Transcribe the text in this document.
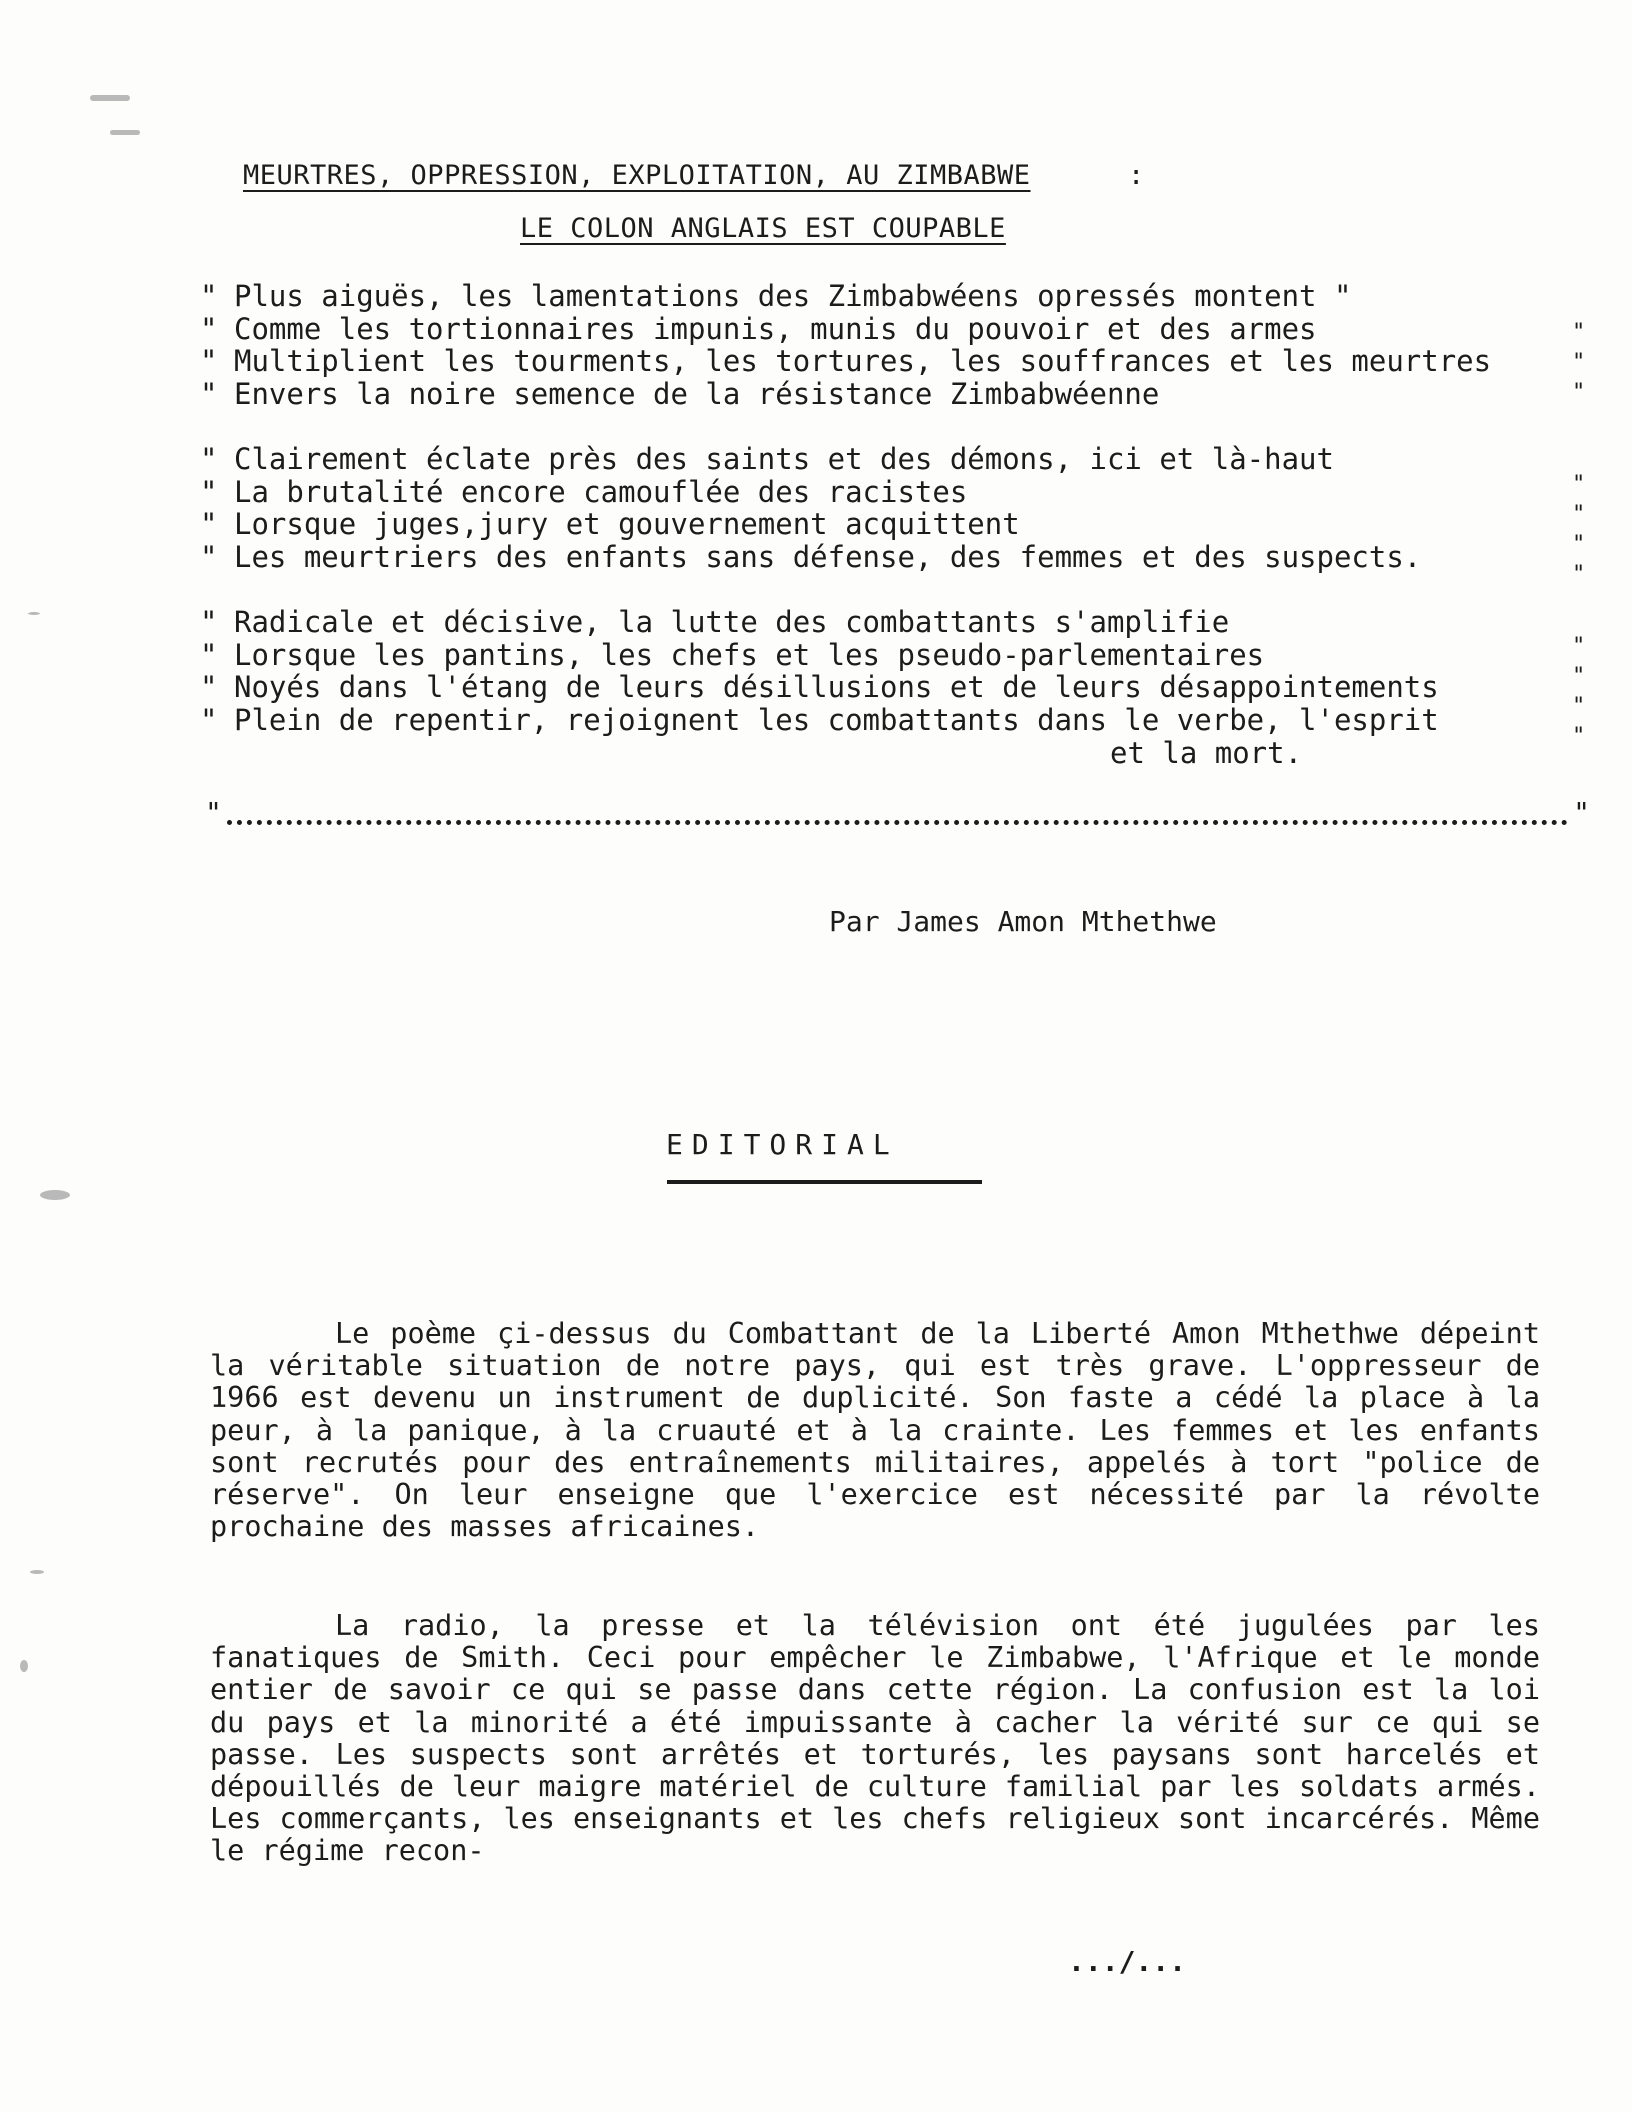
MEURTRES, OPPRESSION, EXPLOITATION, AU ZIMBABWE	:
LE COLON ANGLAIS EST COUPABLE
" Plus aiguës, les lamentations des Zimbabwéens opressés montent "
" Comme les tortionnaires impunis, munis du pouvoir et des armes
" Multiplient les tourments, les tortures, les souffrances et les meurtres
" Envers la noire semence de la résistance Zimbabwéenne
" Clairement éclate près des saints et des démons, ici et là-haut
" La brutalité encore camouflée des racistes
" Lorsque juges,jury et gouvernement acquittent
" Les meurtriers des enfants sans défense, des femmes et des suspects.
" Radicale et décisive, la lutte des combattants s'amplifie
" Lorsque les pantins, les chefs et les pseudo-parlementaires
" Noyés dans l'étang de leurs désillusions et de leurs désappointements
" Plein de repentir, rejoignent les combattants dans le verbe, l'esprit
et la mort.
"
"
"
"
"
"
"
"
"
"
"
"	"
Par James Amon Mthethwe
EDITORIAL
Le poème çi-dessus du Combattant de la Liberté Amon Mthethwe dépeint la véritable situation de notre pays, qui est très grave. L'oppresseur de 1966 est devenu un instrument de duplicité. Son faste a cédé la place à la peur, à la panique, à la cruauté et à la crainte. Les femmes et les enfants sont recrutés pour des entraînements militaires, appelés à tort "police de réserve". On leur enseigne que l'exercice est nécessité par la révolte prochaine des masses africaines.
La radio, la presse et la télévision ont été jugulées par les fanatiques de Smith. Ceci pour empêcher le Zimbabwe, l'Afrique et le monde entier de savoir ce qui se passe dans cette région. La confusion est la loi du pays et la minorité a été impuissante à cacher la vérité sur ce qui se passe. Les suspects sont arrêtés et torturés, les paysans sont harcelés et dépouillés de leur maigre matériel de culture familial par les soldats armés. Les commerçants, les enseignants et les chefs religieux sont incarcérés. Même le régime recon-
.../...
